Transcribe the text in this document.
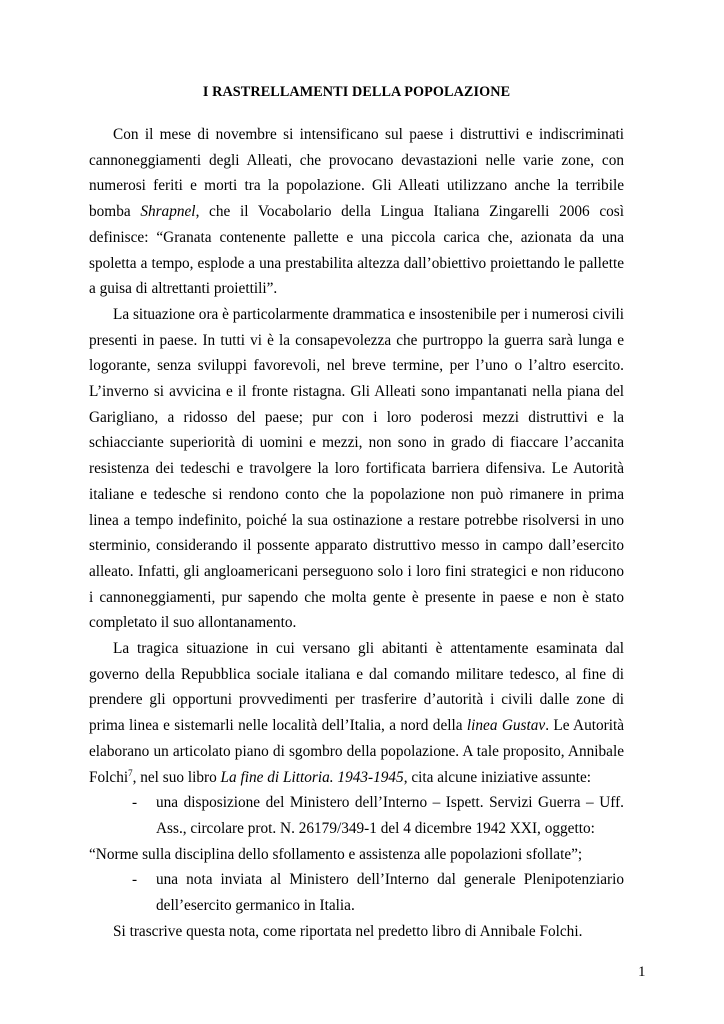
I RASTRELLAMENTI DELLA POPOLAZIONE

Con il mese di novembre si intensificano sul paese i distruttivi e indiscriminati cannoneggiamenti degli Alleati, che provocano devastazioni nelle varie zone, con numerosi feriti e morti tra la popolazione. Gli Alleati utilizzano anche la terribile bomba Shrapnel, che il Vocabolario della Lingua Italiana Zingarelli 2006 così definisce: “Granata contenente pallette e una piccola carica che, azionata da una spoletta a tempo, esplode a una prestabilita altezza dall’obiettivo proiettando le pallette a guisa di altrettanti proiettili”.

La situazione ora è particolarmente drammatica e insostenibile per i numerosi civili presenti in paese. In tutti vi è la consapevolezza che purtroppo la guerra sarà lunga e logorante, senza sviluppi favorevoli, nel breve termine, per l’uno o l’altro esercito. L’inverno si avvicina e il fronte ristagna. Gli Alleati sono impantanati nella piana del Garigliano, a ridosso del paese; pur con i loro poderosi mezzi distruttivi e la schiacciante superiorità di uomini e mezzi, non sono in grado di fiaccare l’accanita resistenza dei tedeschi e travolgere la loro fortificata barriera difensiva. Le Autorità italiane e tedesche si rendono conto che la popolazione non può rimanere in prima linea a tempo indefinito, poiché la sua ostinazione a restare potrebbe risolversi in uno sterminio, considerando il possente apparato distruttivo messo in campo dall’esercito alleato. Infatti, gli angloamericani perseguono solo i loro fini strategici e non riducono i cannoneggiamenti, pur sapendo che molta gente è presente in paese e non è stato completato il suo allontanamento.

La tragica situazione in cui versano gli abitanti è attentamente esaminata dal governo della Repubblica sociale italiana e dal comando militare tedesco, al fine di prendere gli opportuni provvedimenti per trasferire d’autorità i civili dalle zone di prima linea e sistemarli nelle località dell’Italia, a nord della linea Gustav. Le Autorità elaborano un articolato piano di sgombro della popolazione. A tale proposito, Annibale Folchi$^7$, nel suo libro La fine di Littoria. 1943-1945, cita alcune iniziative assunte:

- una disposizione del Ministero dell’Interno – Ispett. Servizi Guerra – Uff. Ass., circolare prot. N. 26179/349-1 del 4 dicembre 1942 XXI, oggetto:

“Norme sulla disciplina dello sfollamento e assistenza alle popolazioni sfollate”;

- una nota inviata al Ministero dell’Interno dal generale Plenipotenziario dell’esercito germanico in Italia.

Si trascrive questa nota, come riportata nel predetto libro di Annibale Folchi.

1
